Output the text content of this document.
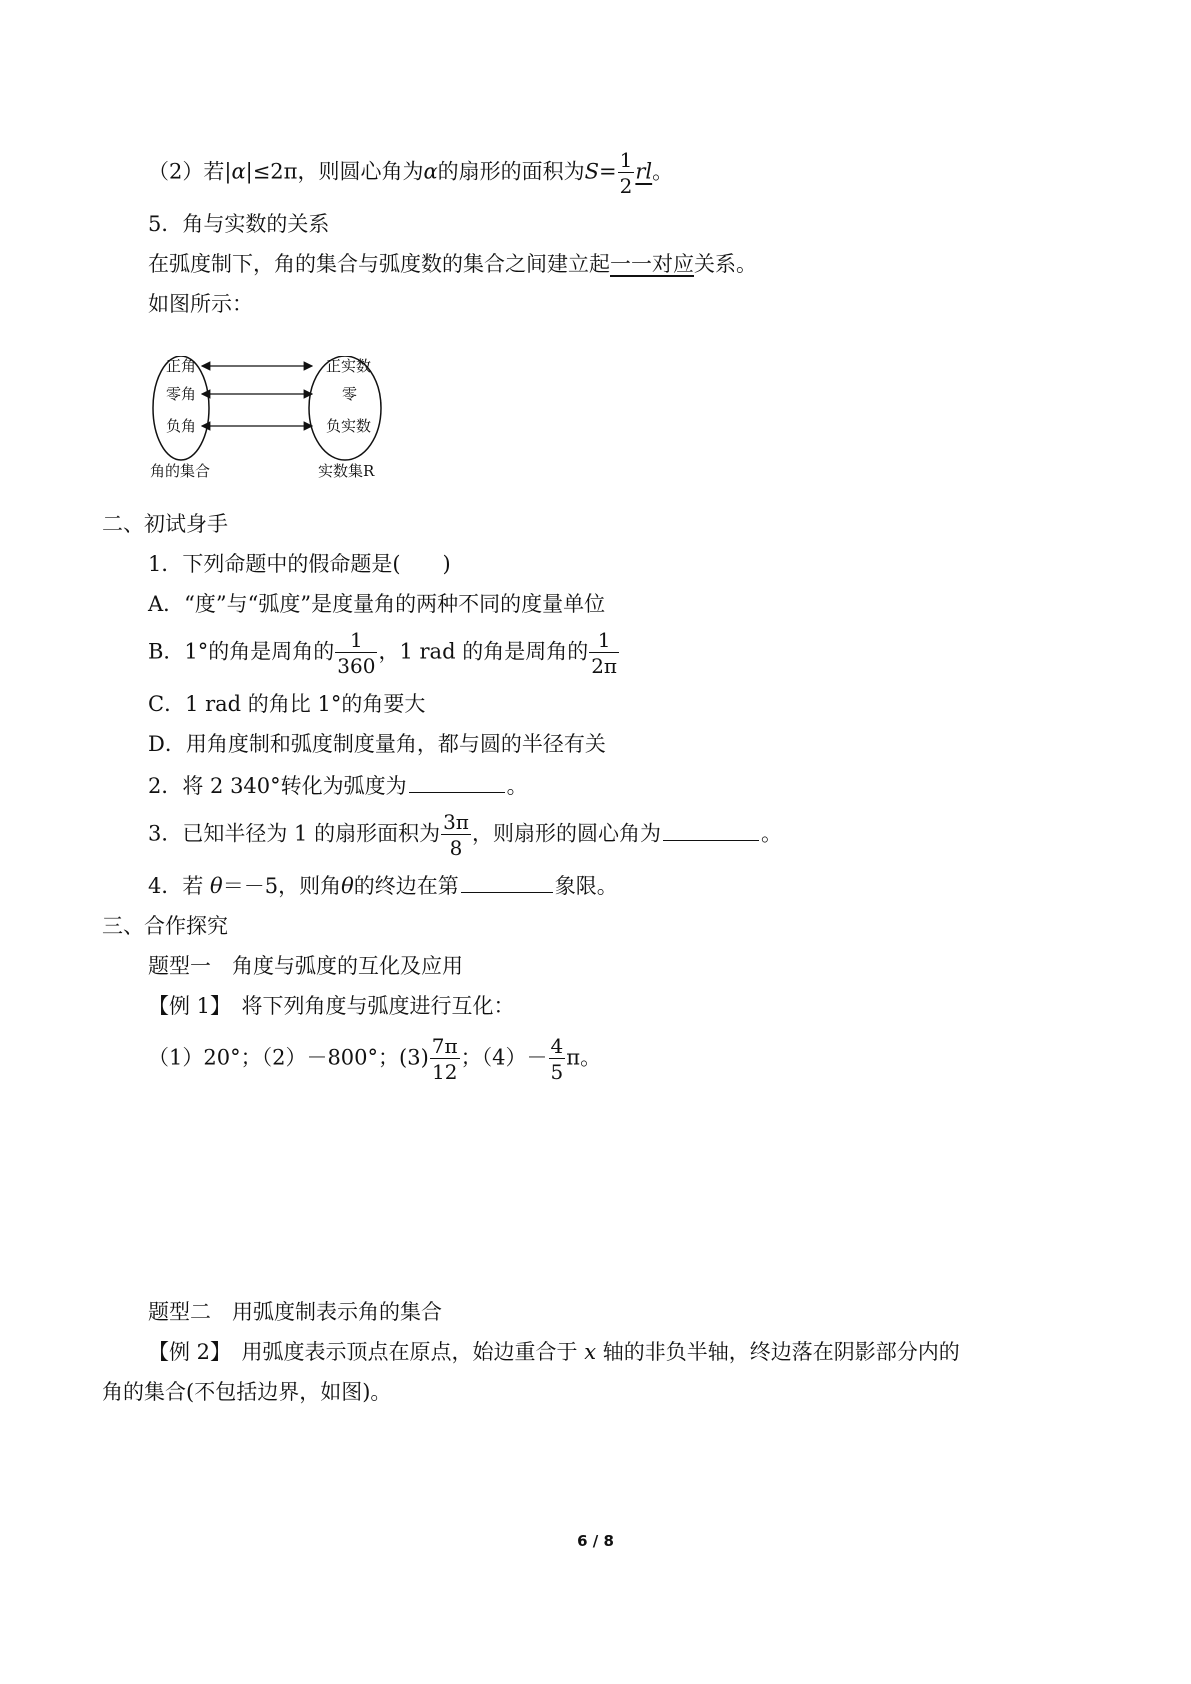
（2）若|α|≤2π，则圆心角为α的扇形的面积为$S= \frac{1}{2}$ rl。
5．角与实数的关系
在弧度制下，角的集合与弧度数的集合之间建立起一一对应关系。
如图所示：
正角
零角
负角
正实数
零
负实数
角的集合	实数集R
二、初试身手
1．下列命题中的假命题是(　　)
A．“度”与“弧度”是度量角的两种不同的度量单位
B．1°的角是周角的 $\frac{1}{360}$ ，1 rad 的角是周角的 $\frac{1}{2\pi}$
C．1 rad 的角比 1°的角要大
D．用角度制和弧度制度量角，都与圆的半径有关
2．将 2 340°转化为弧度为	。
3．已知半径为 1 的扇形面积为 $\frac{3\pi}{8}$ ，则扇形的圆心角为	。
4．若 θ＝－5，则角θ的终边在第	象限。
三、合作探究
题型一　角度与弧度的互化及应用
【例 1】　将下列角度与弧度进行互化：
（1）20°；（2）－800°；$(3) \frac{7\pi}{12}$ ；$(4)- \frac{4}{5}$ π。
题型二　用弧度制表示角的集合
【例 2】　用弧度表示顶点在原点，始边重合于 x 轴的非负半轴，终边落在阴影部分内的
角的集合(不包括边界，如图)。
6 / 8
